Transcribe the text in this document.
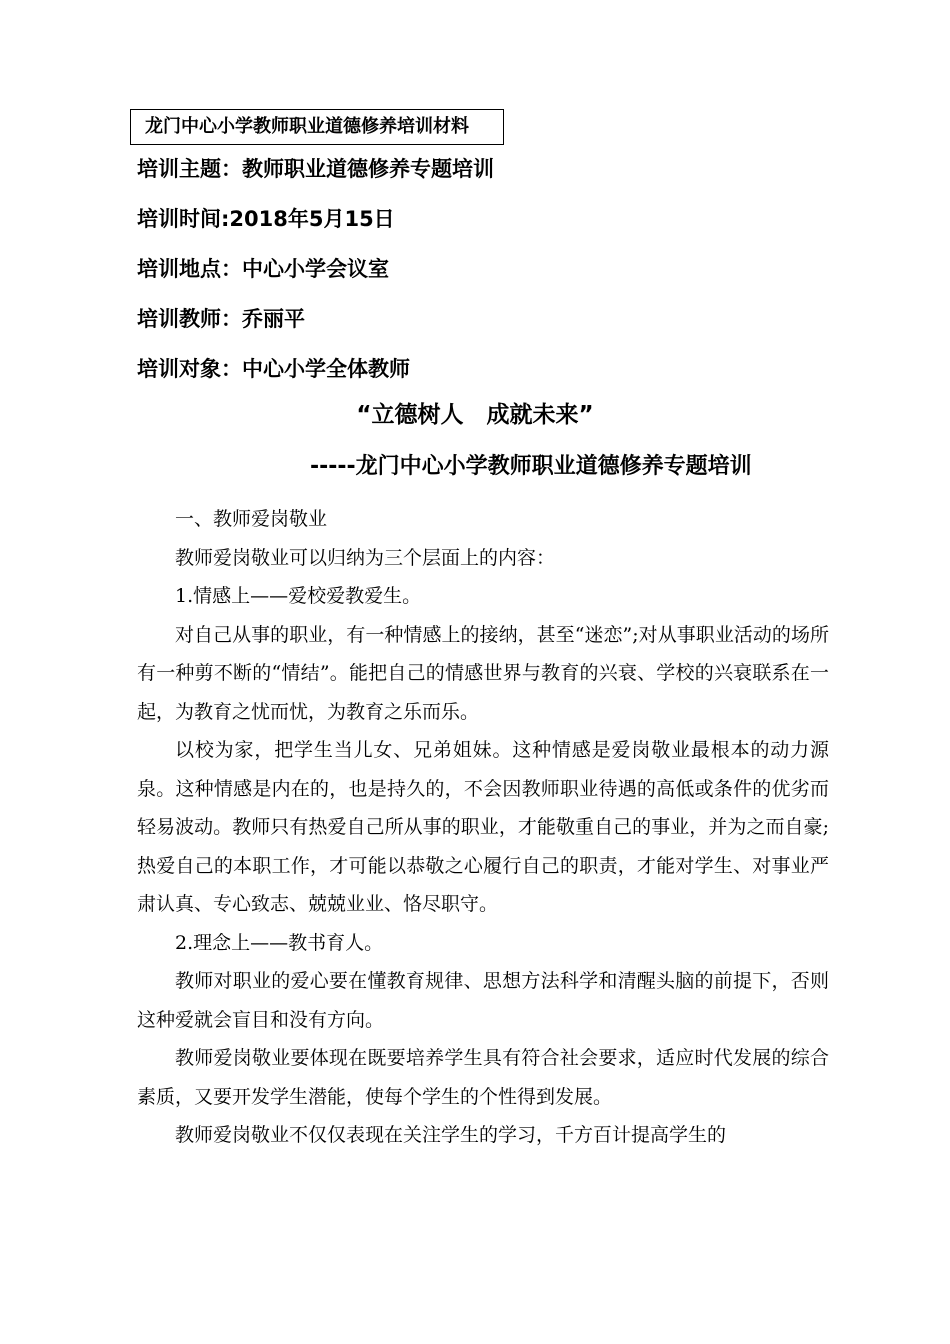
龙门中心小学教师职业道德修养培训材料
培训主题：教师职业道德修养专题培训
培训时间:2018年5月15日
培训地点：中心小学会议室
培训教师：乔丽平
培训对象：中心小学全体教师
“立德树人　成就未来”
-----龙门中心小学教师职业道德修养专题培训

一、教师爱岗敬业

教师爱岗敬业可以归纳为三个层面上的内容：

1.情感上——爱校爱教爱生。

对自己从事的职业，有一种情感上的接纳，甚至“迷恋”;对从事职业活动的场所有一种剪不断的“情结”。能把自己的情感世界与教育的兴衰、学校的兴衰联系在一起，为教育之忧而忧，为教育之乐而乐。

以校为家，把学生当儿女、兄弟姐妹。这种情感是爱岗敬业最根本的动力源泉。这种情感是内在的，也是持久的，不会因教师职业待遇的高低或条件的优劣而轻易波动。教师只有热爱自己所从事的职业，才能敬重自己的事业，并为之而自豪;热爱自己的本职工作，才可能以恭敬之心履行自己的职责，才能对学生、对事业严肃认真、专心致志、兢兢业业、恪尽职守。

2.理念上——教书育人。

教师对职业的爱心要在懂教育规律、思想方法科学和清醒头脑的前提下，否则这种爱就会盲目和没有方向。

教师爱岗敬业要体现在既要培养学生具有符合社会要求，适应时代发展的综合素质，又要开发学生潜能，使每个学生的个性得到发展。

教师爱岗敬业不仅仅表现在关注学生的学习，千方百计提高学生的
